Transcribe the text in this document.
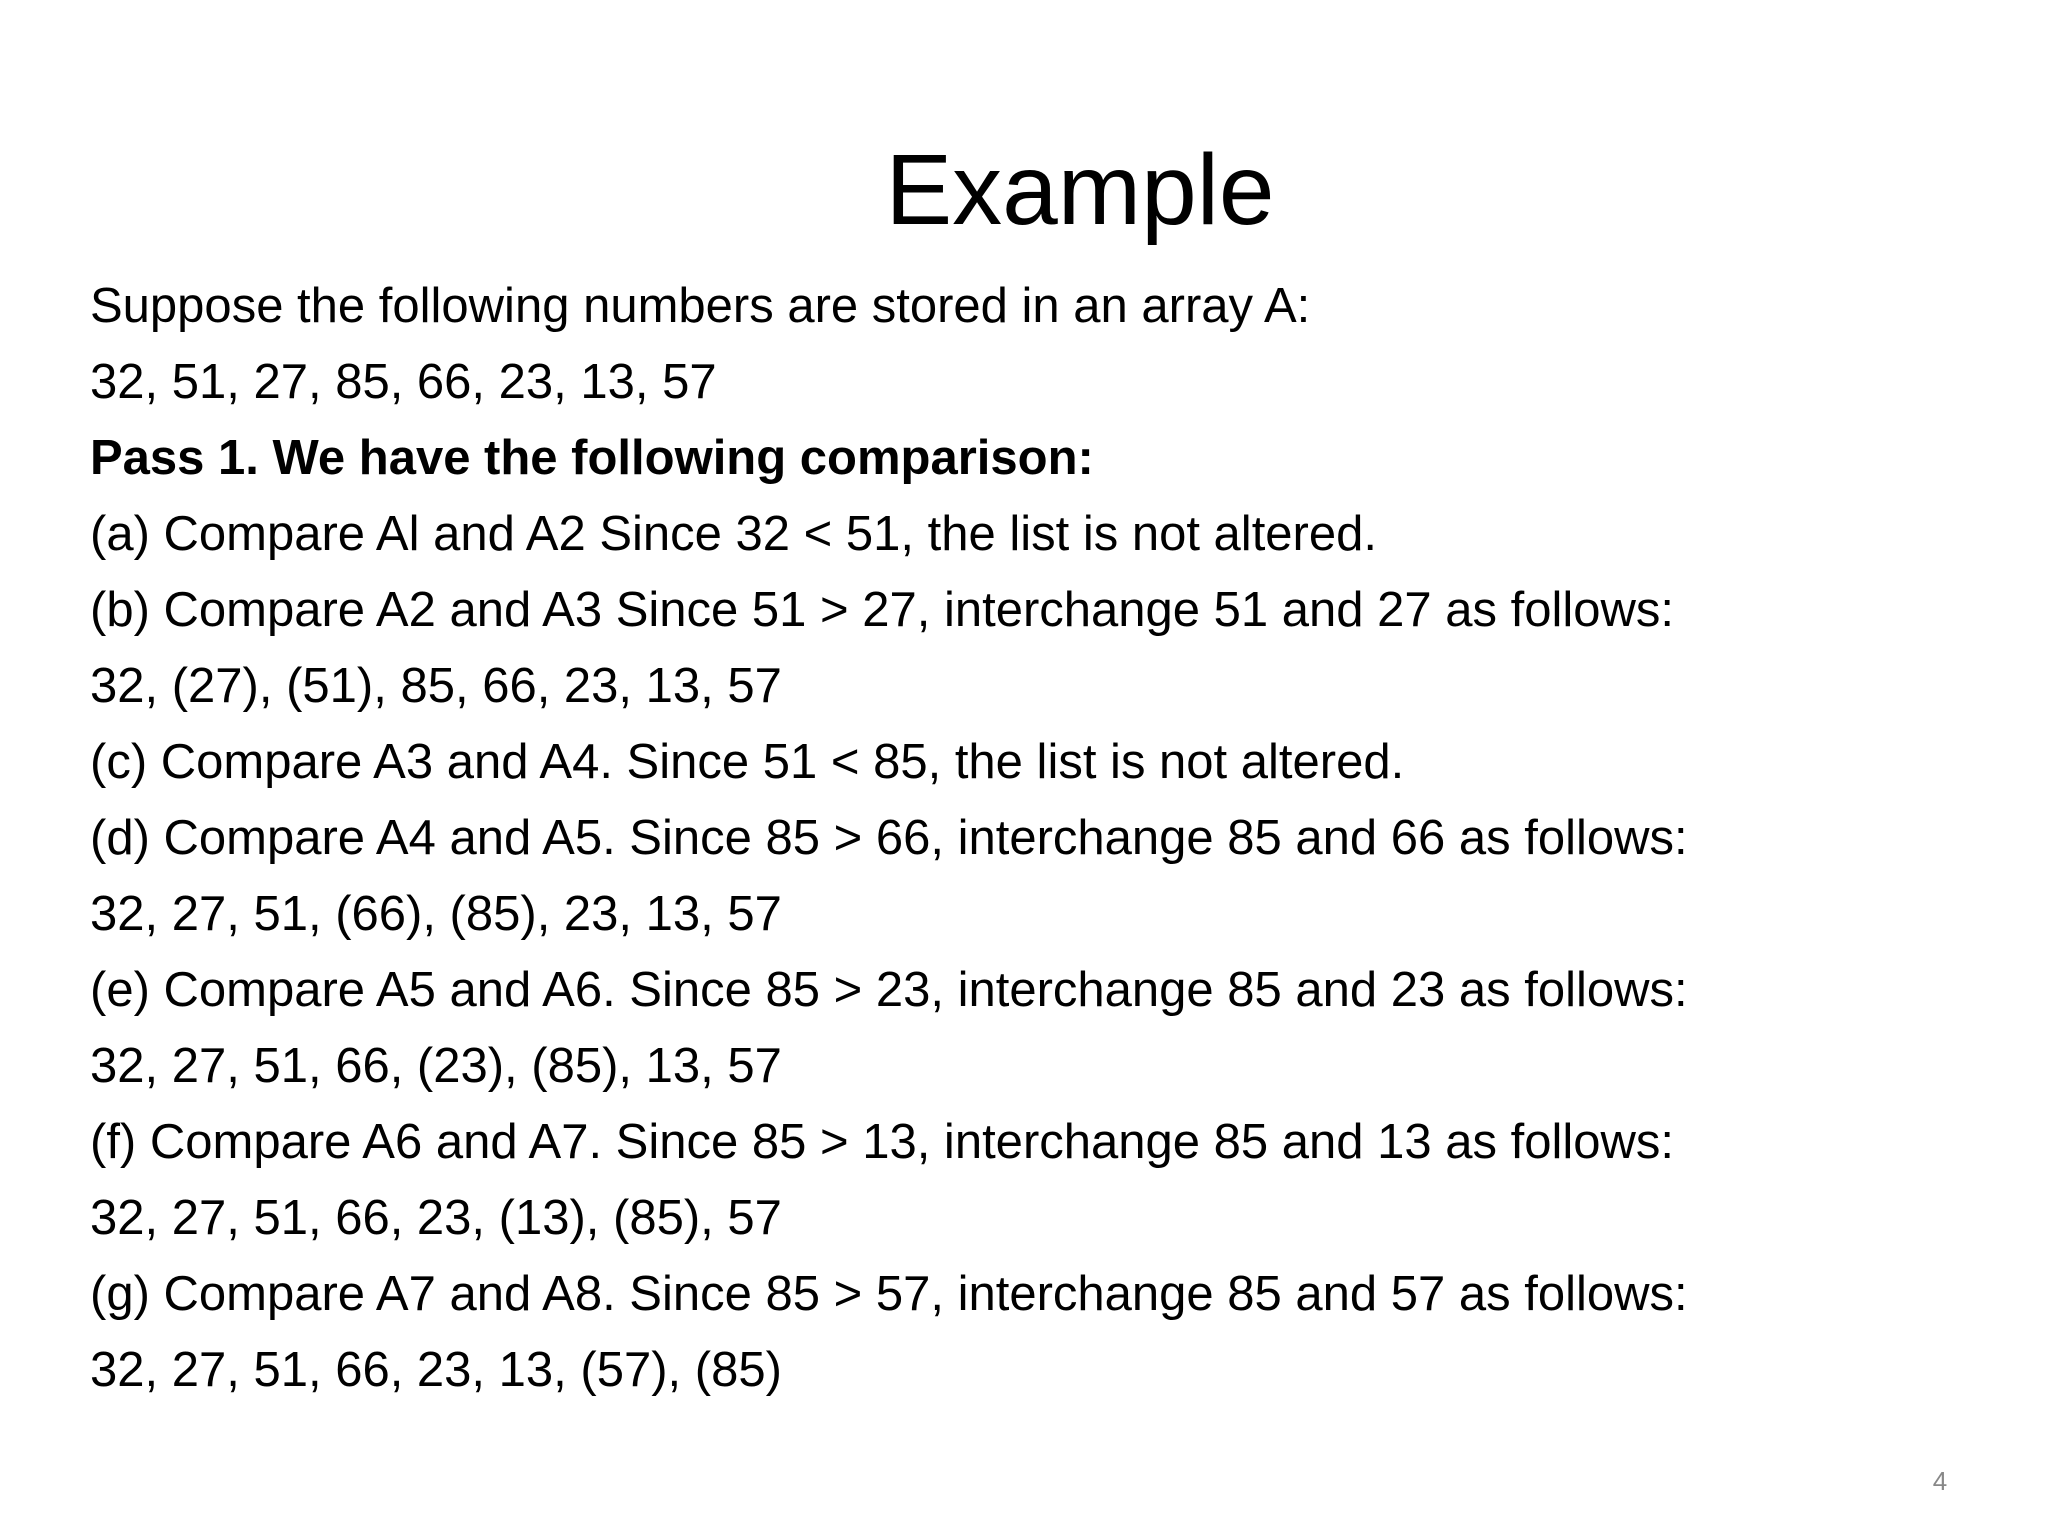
Example
Suppose the following numbers are stored in an array A:
32, 51, 27, 85, 66, 23, 13, 57
Pass 1. We have the following comparison:
(a) Compare Al and A2 Since 32 < 51, the list is not altered.
(b) Compare A2 and A3 Since 51 > 27, interchange 51 and 27 as follows:
32, (27), (51), 85, 66, 23, 13, 57
(c) Compare A3 and A4. Since 51 < 85, the list is not altered.
(d) Compare A4 and A5. Since 85 > 66, interchange 85 and 66 as follows:
32, 27, 51, (66), (85), 23, 13, 57
(e) Compare A5 and A6. Since 85 > 23, interchange 85 and 23 as follows:
32, 27, 51, 66, (23), (85), 13, 57
(f) Compare A6 and A7. Since 85 > 13, interchange 85 and 13 as follows:
32, 27, 51, 66, 23, (13), (85), 57
(g) Compare A7 and A8. Since 85 > 57, interchange 85 and 57 as follows:
32, 27, 51, 66, 23, 13, (57), (85)
4
